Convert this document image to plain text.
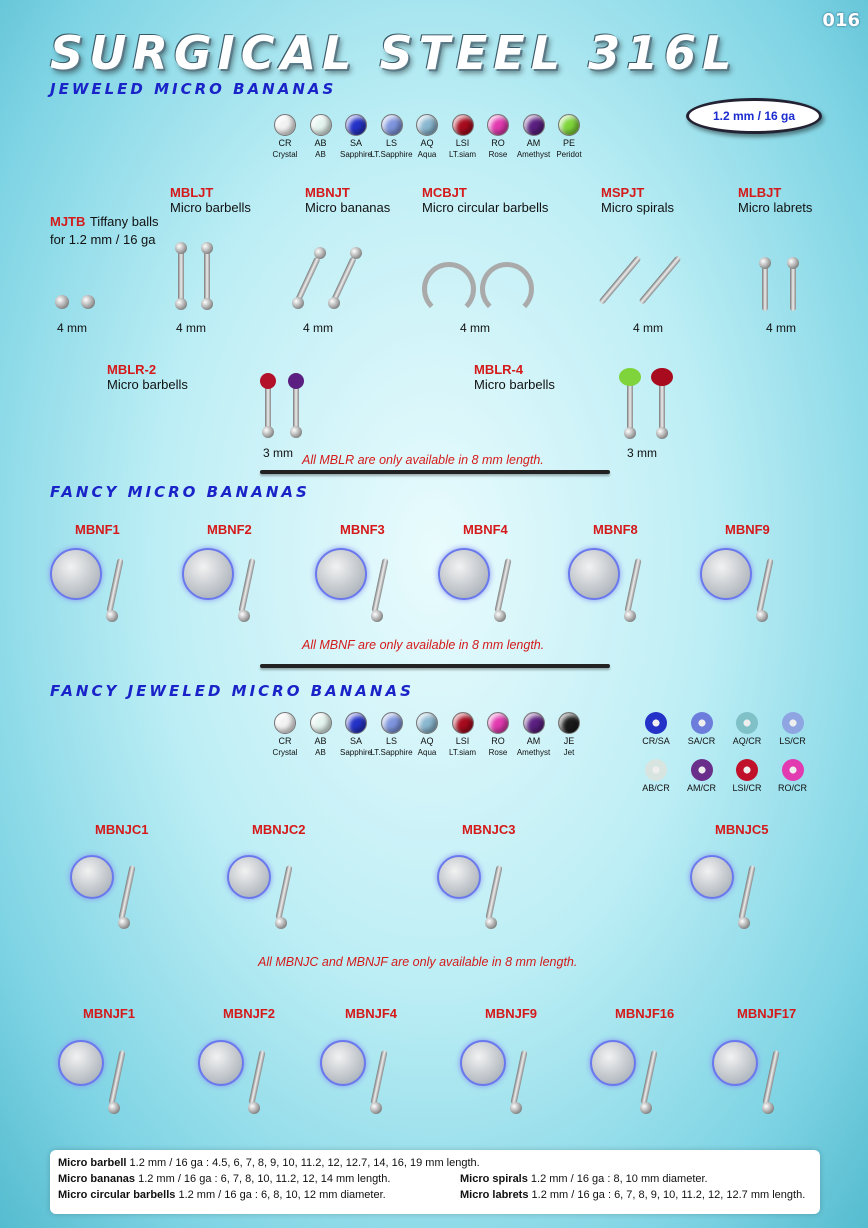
016
SURGICAL STEEL 316L
JEWELED MICRO BANANAS
1.2 mm / 16 ga
CR
Crystal
AB
AB
SA
Sapphire
LS
LT.Sapphire
AQ
Aqua
LSI
LT.siam
RO
Rose
AM
Amethyst
PE
Peridot
MJTB Tiffany balls
for 1.2 mm / 16 ga
MBLJT
Micro barbells
MBNJT
Micro bananas
MCBJT
Micro circular barbells
MSPJT
Micro spirals
MLBJT
Micro labrets
4 mm	4 mm	4 mm	4 mm	4 mm	4 mm
MBLR-2
Micro barbells
3 mm
MBLR-4
Micro barbells
3 mm
All MBLR are only available in 8 mm length.
FANCY MICRO BANANAS
MBNF1	MBNF2	MBNF3	MBNF4	MBNF8	MBNF9
All MBNF are only available in 8 mm length.
FANCY JEWELED MICRO BANANAS
CR
Crystal
AB
AB
SA
Sapphire
LS
LT.Sapphire
AQ
Aqua
LSI
LT.siam
RO
Rose
AM
Amethyst
JE
Jet
CR/SA	SA/CR	AQ/CR	LS/CR
AB/CR	AM/CR	LSI/CR	RO/CR
MBNJC1	MBNJC2	MBNJC3	MBNJC5
All MBNJC and MBNJF are only available in 8 mm length.
MBNJF1	MBNJF2	MBNJF4	MBNJF9	MBNJF16	MBNJF17
Micro barbell 1.2 mm / 16 ga : 4.5, 6, 7, 8, 9, 10, 11.2, 12, 12.7, 14, 16, 19 mm length.
Micro bananas 1.2 mm / 16 ga : 6, 7, 8, 10, 11.2, 12, 14 mm length.
Micro circular barbells 1.2 mm / 16 ga : 6, 8, 10, 12 mm diameter.
Micro spirals 1.2 mm / 16 ga : 8, 10 mm diameter.
Micro labrets 1.2 mm / 16 ga : 6, 7, 8, 9, 10, 11.2, 12, 12.7 mm length.
